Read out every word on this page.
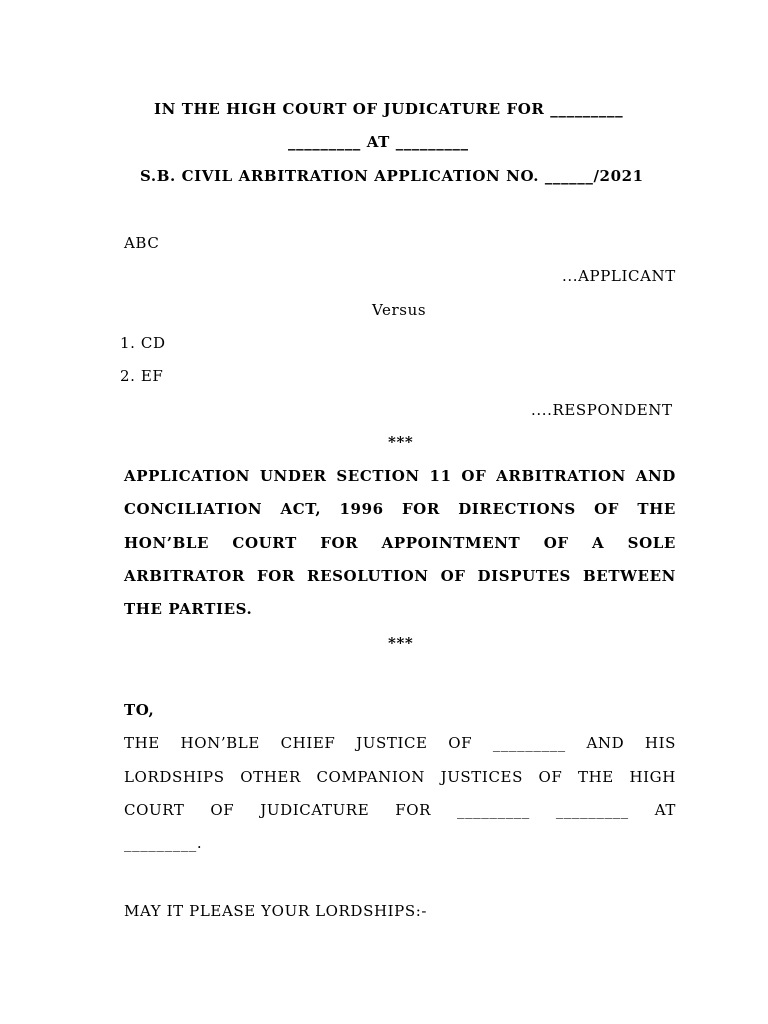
IN THE HIGH COURT OF JUDICATURE FOR _________
_________ AT _________
S.B. CIVIL ARBITRATION APPLICATION NO. ______/2021
ABC
...APPLICANT
Versus
1. CD
2. EF
....RESPONDENT
***
APPLICATION UNDER SECTION 11 OF ARBITRATION AND
CONCILIATION ACT, 1996 FOR DIRECTIONS OF THE
HON’BLE COURT FOR APPOINTMENT OF A SOLE
ARBITRATOR FOR RESOLUTION OF DISPUTES BETWEEN
THE PARTIES.
***
TO,
THE HON’BLE CHIEF JUSTICE OF _________ AND HIS
LORDSHIPS OTHER COMPANION JUSTICES OF THE HIGH
COURT OF JUDICATURE FOR _________ _________ AT
_________.
MAY IT PLEASE YOUR LORDSHIPS:-
